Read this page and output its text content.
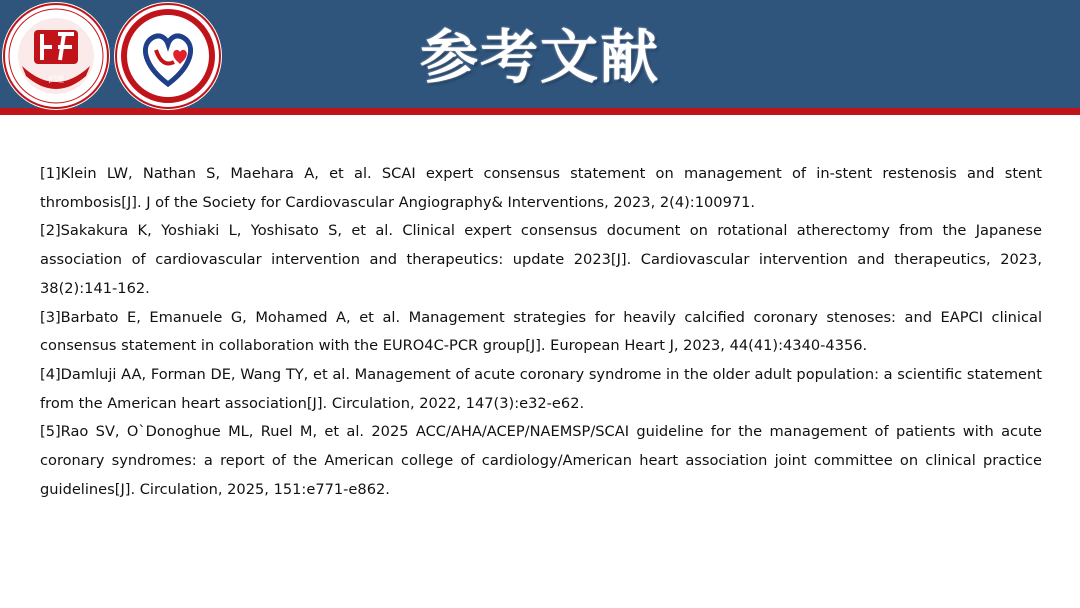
护理	参考文献
[1]Klein LW, Nathan S, Maehara A, et al. SCAI expert consensus statement on management of in-stent restenosis and stent thrombosis[J]. J of the Society for Cardiovascular Angiography& Interventions, 2023, 2(4):100971.
[2]Sakakura K, Yoshiaki L, Yoshisato S, et al. Clinical expert consensus document on rotational atherectomy from the Japanese association of cardiovascular intervention and therapeutics: update 2023[J]. Cardiovascular intervention and therapeutics, 2023, 38(2):141-162.
[3]Barbato E, Emanuele G, Mohamed A, et al. Management strategies for heavily calcified coronary stenoses: and EAPCI clinical consensus statement in collaboration with the EURO4C-PCR group[J]. European Heart J, 2023, 44(41):4340-4356.
[4]Damluji AA, Forman DE, Wang TY, et al. Management of acute coronary syndrome in the older adult population: a scientific statement from the American heart association[J]. Circulation, 2022, 147(3):e32-e62.
[5]Rao SV, O`Donoghue ML, Ruel M, et al. 2025 ACC/AHA/ACEP/NAEMSP/SCAI guideline for the management of patients with acute coronary syndromes: a report of the American college of cardiology/American heart association joint committee on clinical practice guidelines[J]. Circulation, 2025, 151:e771-e862.
